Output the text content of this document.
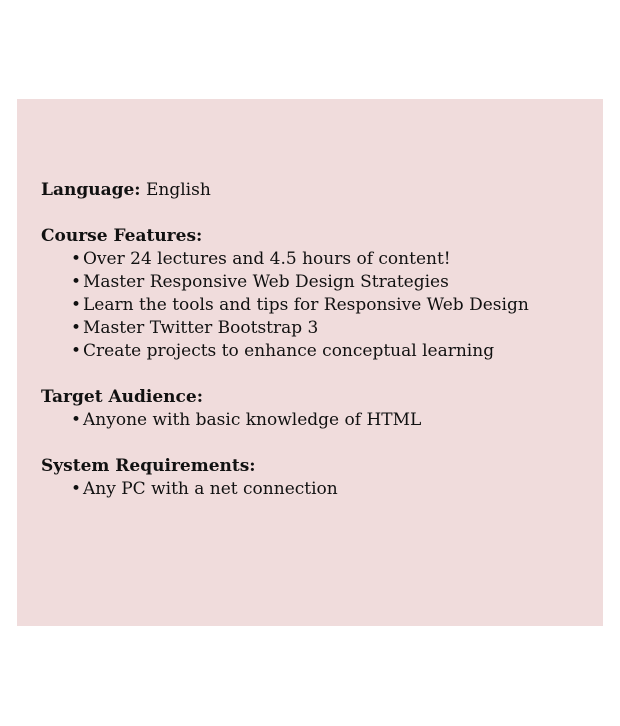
Language: English
Course Features:
• Over 24 lectures and 4.5 hours of content!
• Master Responsive Web Design Strategies
• Learn the tools and tips for Responsive Web Design
• Master Twitter Bootstrap 3
• Create projects to enhance conceptual learning
Target Audience:
• Anyone with basic knowledge of HTML
System Requirements:
• Any PC with a net connection
